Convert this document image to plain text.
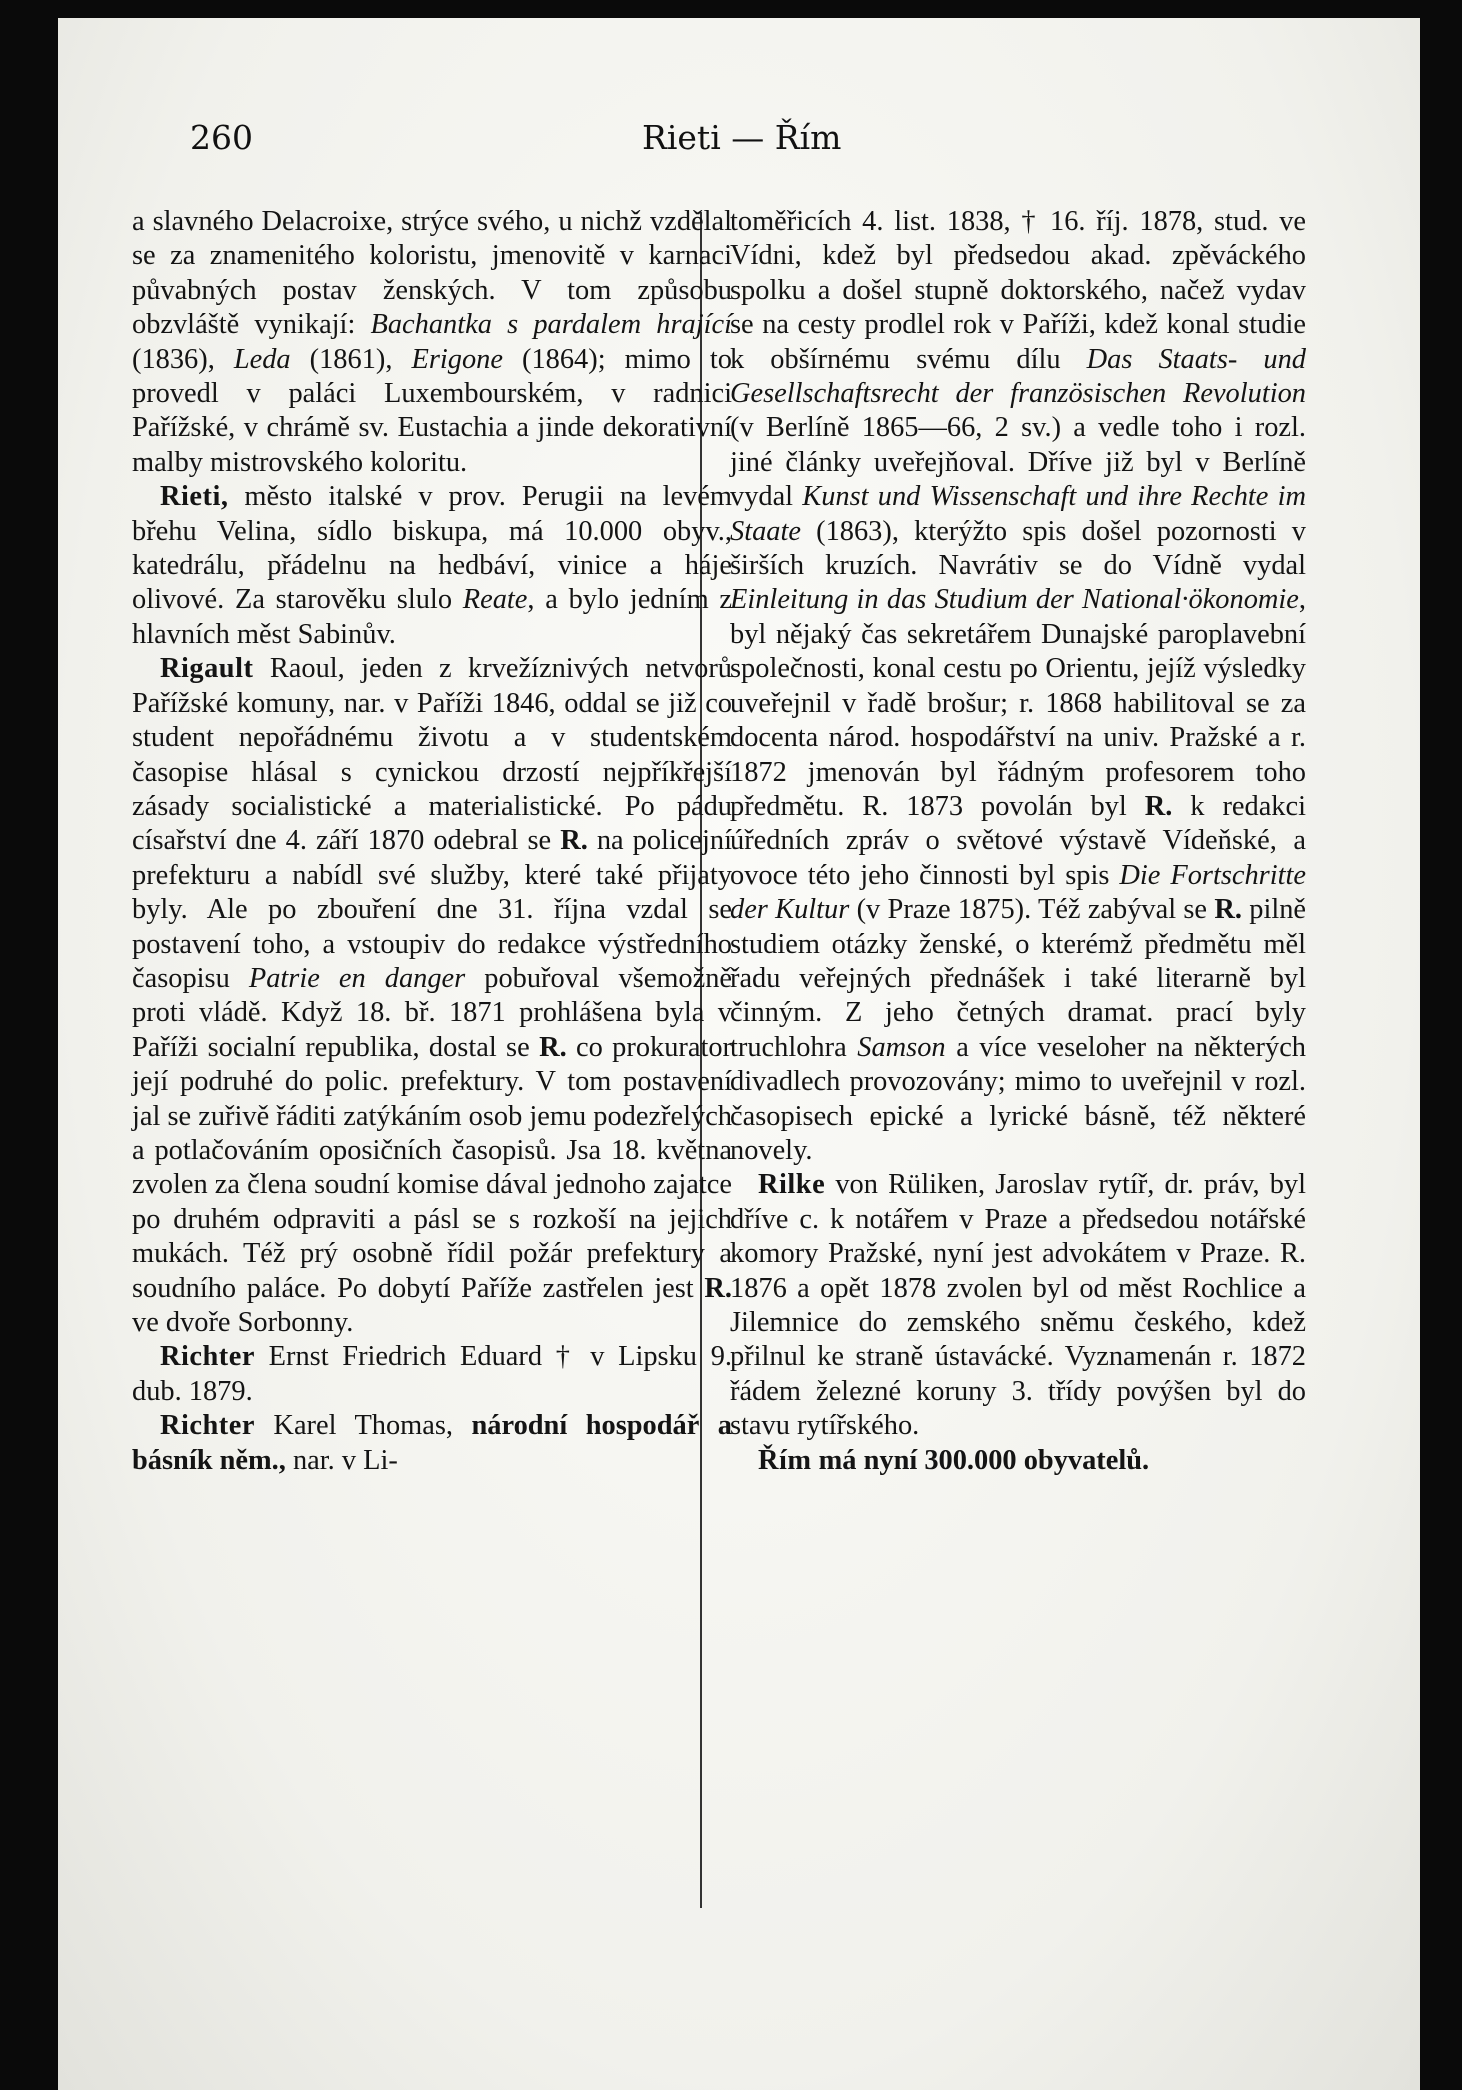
260	Rieti — Řím

a slavného Delacroixe, strýce svého, u nichž vzdělal se za znamenitého koloristu, jmenovitě v karnaci půvabných postav ženských. V tom způsobu obzvláště vynikají: Bachantka s pardalem hrající (1836), Leda (1861), Erigone (1864); mimo to provedl v paláci Luxembourském, v radnici Pařížské, v chrámě sv. Eustachia a jinde dekorativní malby mistrovského koloritu.

Rieti, město italské v prov. Perugii na levém břehu Velina, sídlo biskupa, má 10.000 obyv., katedrálu, přádelnu na hedbáví, vinice a háje olivové. Za starověku slulo Reate, a bylo jedním z hlavních měst Sabinův.

Rigault Raoul, jeden z krvežíznivých netvorů Pařížské komuny, nar. v Paříži 1846, oddal se již co student nepořádnému životu a v studentském časopise hlásal s cynickou drzostí nejpříkřejší zásady socialistické a materialistické. Po pádu císařství dne 4. září 1870 odebral se R. na policejní prefekturu a nabídl své služby, které také přijaty byly. Ale po zbouření dne 31. října vzdal se postavení toho, a vstoupiv do redakce výstředního časopisu Patrie en danger pobuřoval všemožně proti vládě. Když 18. bř. 1871 prohlášena byla v Paříži socialní republika, dostal se R. co prokurator její podruhé do polic. prefektury. V tom postavení jal se zuřivě řáditi zatýkáním osob jemu podezřelých a potlačováním oposičních časopisů. Jsa 18. května zvolen za člena soudní komise dával jednoho zajatce po druhém odpraviti a pásl se s rozkoší na jejich mukách. Též prý osobně řídil požár prefektury a soudního paláce. Po dobytí Paříže zastřelen jest R. ve dvoře Sorbonny.

Richter Ernst Friedrich Eduard † v Lipsku 9. dub. 1879.

Richter Karel Thomas, národní hospodář a básník něm., nar. v Li-

toměřicích 4. list. 1838, † 16. říj. 1878, stud. ve Vídni, kdež byl předsedou akad. zpěváckého spolku a došel stupně doktorského, načež vydav se na cesty prodlel rok v Paříži, kdež konal studie k obšírnému svému dílu Das Staats- und Gesellschaftsrecht der französischen Revolution (v Berlíně 1865—66, 2 sv.) a vedle toho i rozl. jiné články uveřejňoval. Dříve již byl v Berlíně vydal Kunst und Wissenschaft und ihre Rechte im Staate (1863), kterýžto spis došel pozornosti v širších kruzích. Navrátiv se do Vídně vydal Einleitung in das Studium der National·ökonomie, byl nějaký čas sekretářem Dunajské paroplavební společnosti, konal cestu po Orientu, jejíž výsledky uveřejnil v řadě brošur; r. 1868 habilitoval se za docenta národ. hospodářství na univ. Pražské a r. 1872 jmenován byl řádným profesorem toho předmětu. R. 1873 povolán byl R. k redakci úředních zpráv o světové výstavě Vídeňské, a ovoce této jeho činnosti byl spis Die Fortschritte der Kultur (v Praze 1875). Též zabýval se R. pilně studiem otázky ženské, o kterémž předmětu měl řadu veřejných přednášek i také literarně byl činným. Z jeho četných dramat. prací byly truchlohra Samson a více veseloher na některých divadlech provozovány; mimo to uveřejnil v rozl. časopisech epické a lyrické básně, též některé novely.

Rilke von Rüliken, Jaroslav rytíř, dr. práv, byl dříve c. k notářem v Praze a předsedou notářské komory Pražské, nyní jest advokátem v Praze. R. 1876 a opět 1878 zvolen byl od měst Rochlice a Jilemnice do zemského sněmu českého, kdež přilnul ke straně ústavácké. Vyznamenán r. 1872 řádem železné koruny 3. třídy povýšen byl do stavu rytířského.

Řím má nyní 300.000 obyvatelů.
